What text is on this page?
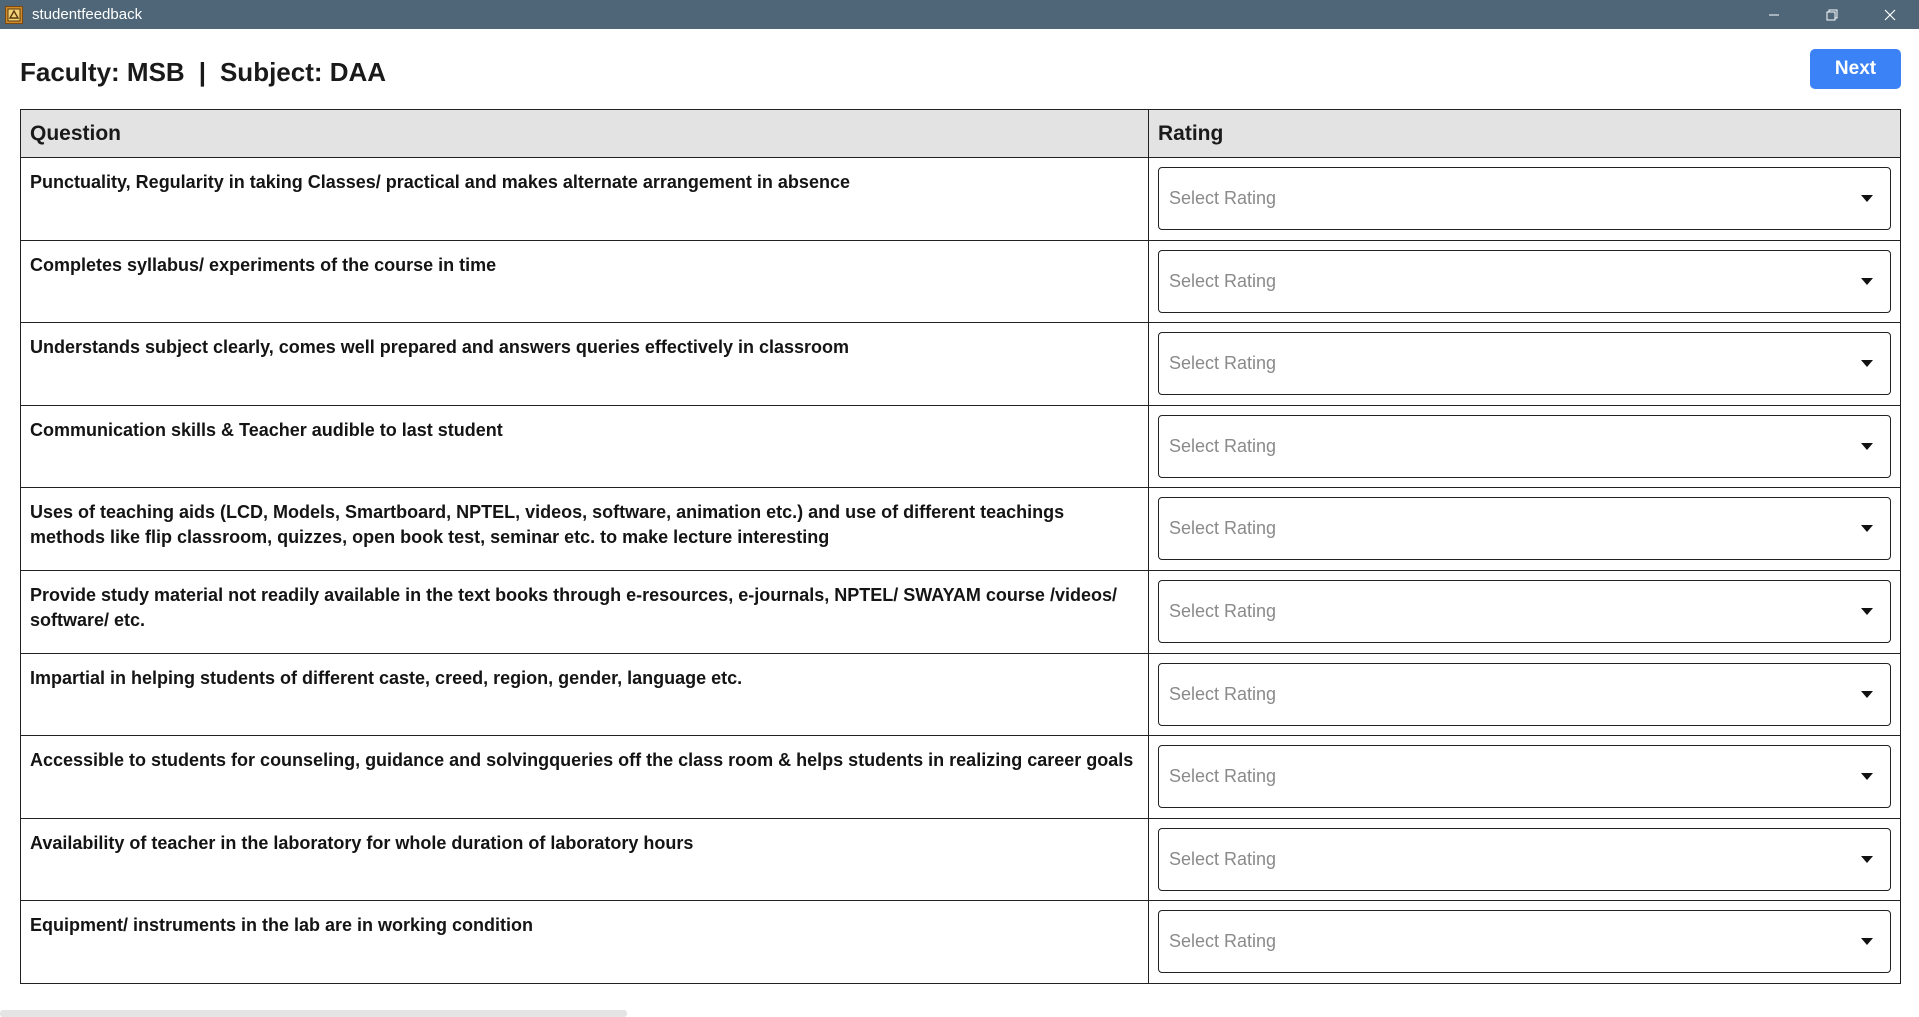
studentfeedback
Faculty: MSB | Subject: DAA	Next
Question	Rating
Punctuality, Regularity in taking Classes/ practical and makes alternate arrangement in absence	Select Rating

Completes syllabus/ experiments of the course in time	Select Rating

Understands subject clearly, comes well prepared and answers queries effectively in classroom	Select Rating

Communication skills & Teacher audible to last student	Select Rating

Uses of teaching aids (LCD, Models, Smartboard, NPTEL, videos, software, animation etc.) and use of different teachings methods like flip classroom, quizzes, open book test, seminar etc. to make lecture interesting	Select Rating

Provide study material not readily available in the text books through e-resources, e-journals, NPTEL/ SWAYAM course /videos/ software/ etc.	Select Rating

Impartial in helping students of different caste, creed, region, gender, language etc.	Select Rating

Accessible to students for counseling, guidance and solvingqueries off the class room & helps students in realizing career goals	Select Rating

Availability of teacher in the laboratory for whole duration of laboratory hours	Select Rating

Equipment/ instruments in the lab are in working condition	Select Rating
